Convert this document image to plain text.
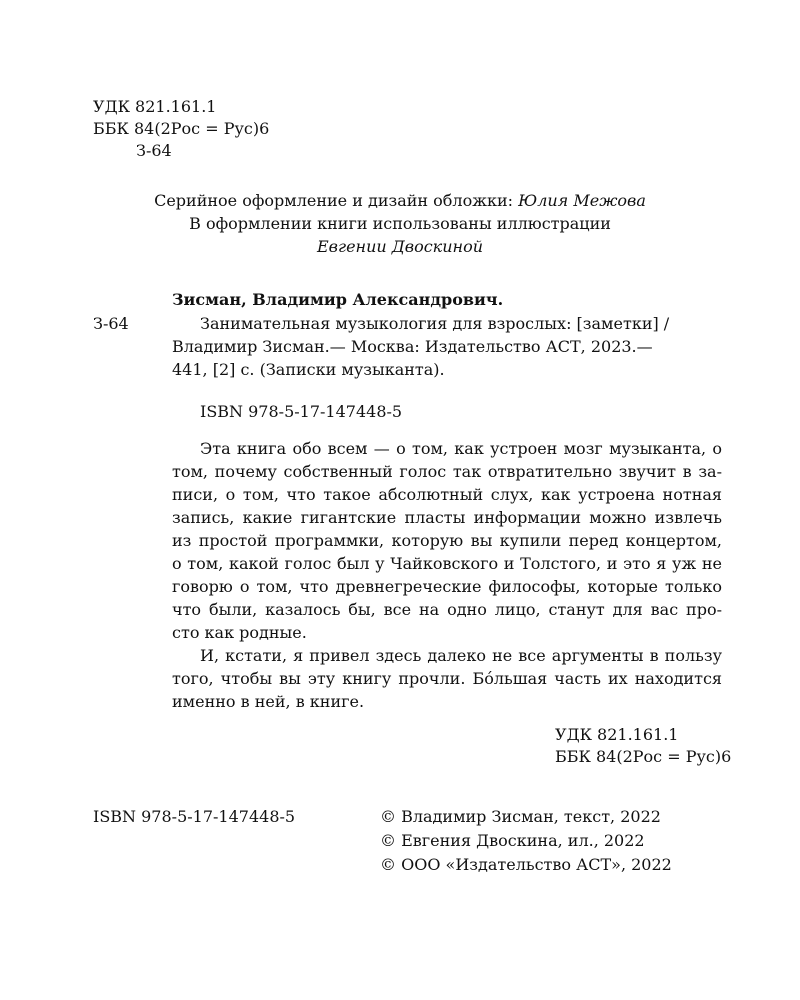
УДК 821.161.1
ББК 84(2Рос = Рус)6
З-64
Серийное оформление и дизайн обложки: Юлия Межова
В оформлении книги использованы иллюстрации
Евгении Двоскиной
Зисман, Владимир Александрович.
З-64	Занимательная музыкология для взрослых: [заметки] /
Владимир Зисман.— Москва: Издательство АСТ, 2023.—
441, [2] с. (Записки музыканта).
ISBN 978-5-17-147448-5
Эта книга обо всем — о том, как устроен мозг музыканта, о
том, почему собственный голос так отвратительно звучит в за-
писи, о том, что такое абсолютный слух, как устроена нотная
запись, какие гигантские пласты информации можно извлечь
из простой программки, которую вы купили перед концертом,
о том, какой голос был у Чайковского и Толстого, и это я уж не
говорю о том, что древнегреческие философы, которые только
что были, казалось бы, все на одно лицо, станут для вас про-
сто как родные.
И, кстати, я привел здесь далеко не все аргументы в пользу
того, чтобы вы эту книгу прочли. Бóльшая часть их находится
именно в ней, в книге.
УДК 821.161.1
ББК 84(2Рос = Рус)6
ISBN 978-5-17-147448-5	© Владимир Зисман, текст, 2022
© Евгения Двоскина, ил., 2022
© ООО «Издательство АСТ», 2022
